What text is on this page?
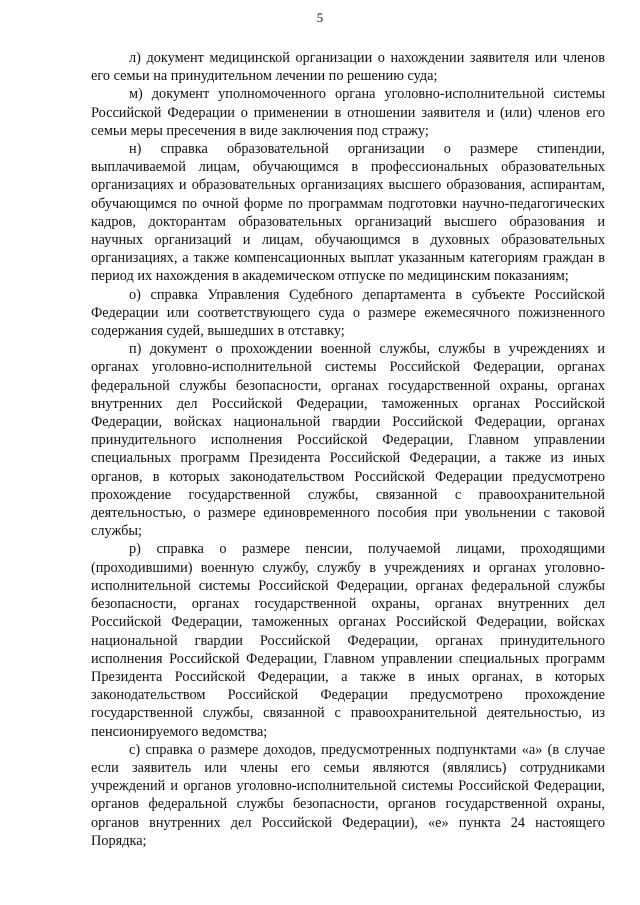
5

л) документ медицинской организации о нахождении заявителя или членов его семьи на принудительном лечении по решению суда;

м) документ уполномоченного органа уголовно-исполнительной системы Российской Федерации о применении в отношении заявителя и (или) членов его семьи меры пресечения в виде заключения под стражу;

н) справка образовательной организации о размере стипендии, выплачиваемой лицам, обучающимся в профессиональных образовательных организациях и образовательных организациях высшего образования, аспирантам, обучающимся по очной форме по программам подготовки научно-педагогических кадров, докторантам образовательных организаций высшего образования и научных организаций и лицам, обучающимся в духовных образовательных организациях, а также компенсационных выплат указанным категориям граждан в период их нахождения в академическом отпуске по медицинским показаниям;

о) справка Управления Судебного департамента в субъекте Российской Федерации или соответствующего суда о размере ежемесячного пожизненного содержания судей, вышедших в отставку;

п) документ о прохождении военной службы, службы в учреждениях и органах уголовно-исполнительной системы Российской Федерации, органах федеральной службы безопасности, органах государственной охраны, органах внутренних дел Российской Федерации, таможенных органах Российской Федерации, войсках национальной гвардии Российской Федерации, органах принудительного исполнения Российской Федерации, Главном управлении специальных программ Президента Российской Федерации, а также из иных органов, в которых законодательством Российской Федерации предусмотрено прохождение государственной службы, связанной с правоохранительной деятельностью, о размере единовременного пособия при увольнении с таковой службы;

р) справка о размере пенсии, получаемой лицами, проходящими (проходившими) военную службу, службу в учреждениях и органах уголовно-исполнительной системы Российской Федерации, органах федеральной службы безопасности, органах государственной охраны, органах внутренних дел Российской Федерации, таможенных органах Российской Федерации, войсках национальной гвардии Российской Федерации, органах принудительного исполнения Российской Федерации, Главном управлении специальных программ Президента Российской Федерации, а также в иных органах, в которых законодательством Российской Федерации предусмотрено прохождение государственной службы, связанной с правоохранительной деятельностью, из пенсионируемого ведомства;

с) справка о размере доходов, предусмотренных подпунктами «а» (в случае если заявитель или члены его семьи являются (являлись) сотрудниками учреждений и органов уголовно-исполнительной системы Российской Федерации, органов федеральной службы безопасности, органов государственной охраны, органов внутренних дел Российской Федерации), «е» пункта 24 настоящего Порядка;
